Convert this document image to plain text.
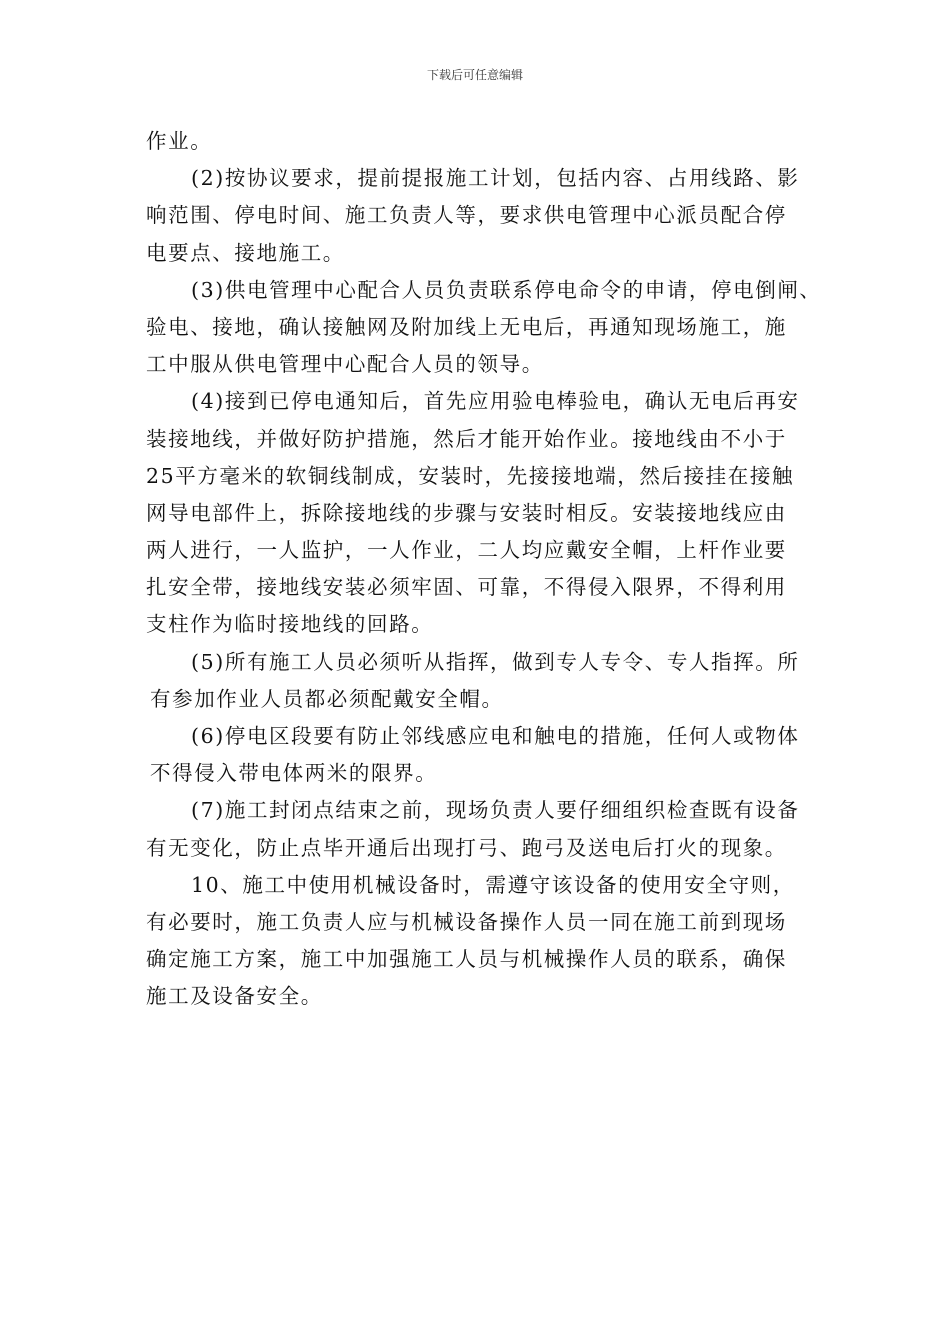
下载后可任意编辑
作业。
(2)按协议要求，提前提报施工计划，包括内容、占用线路、影
响范围、停电时间、施工负责人等，要求供电管理中心派员配合停
电要点、接地施工。
(3)供电管理中心配合人员负责联系停电命令的申请，停电倒闸、
验电、接地，确认接触网及附加线上无电后，再通知现场施工，施
工中服从供电管理中心配合人员的领导。
(4)接到已停电通知后，首先应用验电棒验电，确认无电后再安
装接地线，并做好防护措施，然后才能开始作业。接地线由不小于
25平方毫米的软铜线制成，安装时，先接接地端，然后接挂在接触
网导电部件上，拆除接地线的步骤与安装时相反。安装接地线应由
两人进行，一人监护，一人作业，二人均应戴安全帽，上杆作业要
扎安全带，接地线安装必须牢固、可靠，不得侵入限界，不得利用
支柱作为临时接地线的回路。
(5)所有施工人员必须听从指挥，做到专人专令、专人指挥。所
有参加作业人员都必须配戴安全帽。
(6)停电区段要有防止邻线感应电和触电的措施，任何人或物体
不得侵入带电体两米的限界。
(7)施工封闭点结束之前，现场负责人要仔细组织检查既有设备
有无变化，防止点毕开通后出现打弓、跑弓及送电后打火的现象。
10、施工中使用机械设备时，需遵守该设备的使用安全守则，
有必要时，施工负责人应与机械设备操作人员一同在施工前到现场
确定施工方案，施工中加强施工人员与机械操作人员的联系，确保
施工及设备安全。
